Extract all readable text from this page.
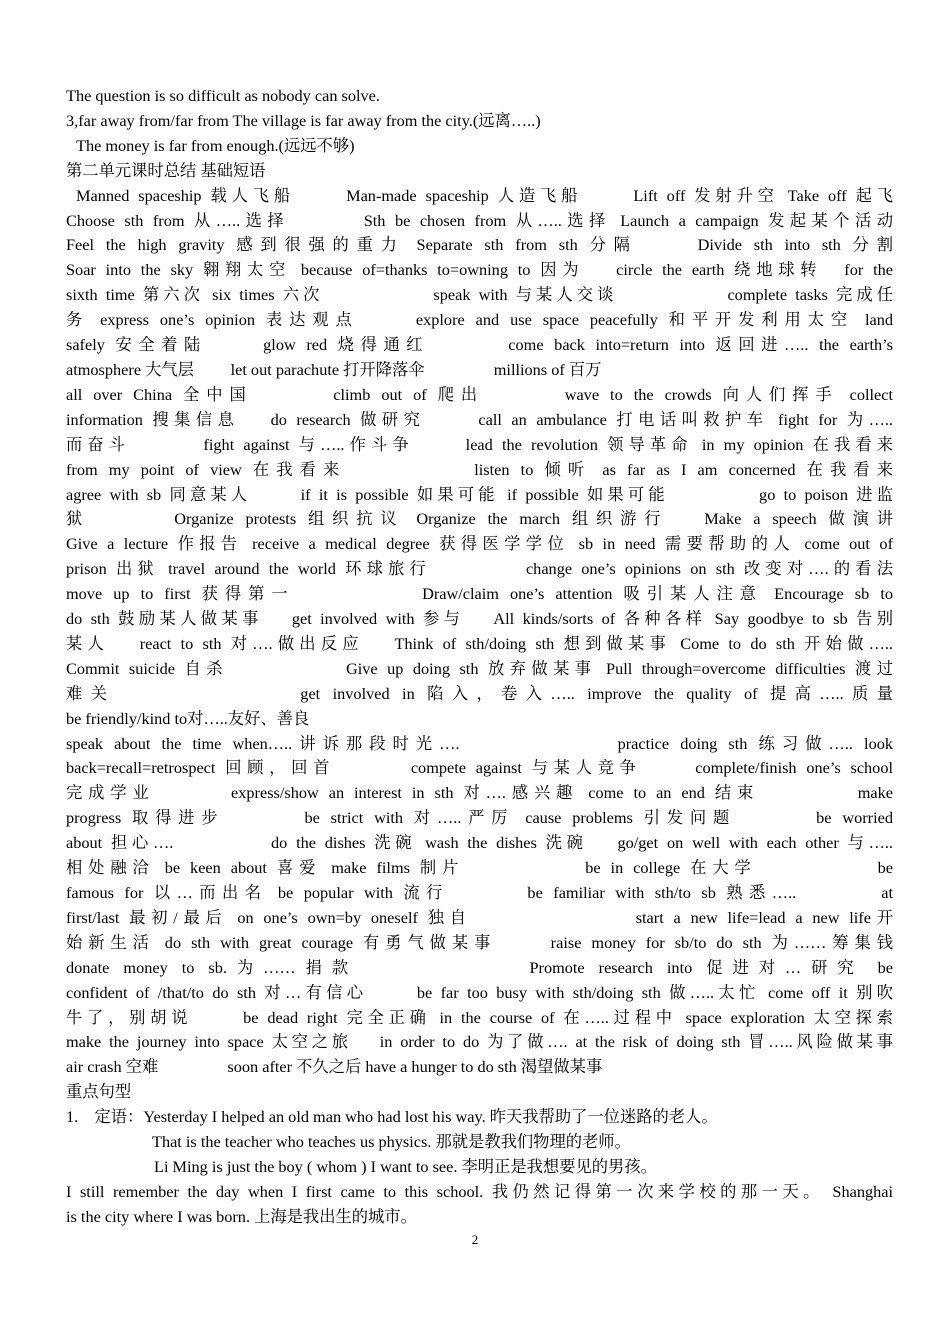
The question is so difficult as nobody can solve.

3,far away from/far from The village is far away from the city.(远离…..)

The money is far from enough.(远远不够)

第二单元课时总结 基础短语

Manned spaceship 载人飞船　　 Man-made spaceship 人造飞船　　 Lift off 发射升空 Take off 起飞

Choose sth from 从…..选择　　　 Sth be chosen from 从…..选择 Launch a campaign 发起某个活动

Feel the high gravity 感到很强的重力 Separate sth from sth 分隔　　 Divide sth into sth 分割

Soar into the sky 翱翔太空 because of=thanks to=owning to 因为　 circle the earth 绕地球转　for the

sixth time 第六次 six times 六次　　　　　 speak with 与某人交谈　　　　　 complete tasks 完成任

务 express one’s opinion 表达观点　　 explore and use space peacefully 和平开发利用太空 land

safely 安全着陆　　 glow red 烧得通红　　　 come back into=return into 返回进….. the earth’s

atmosphere 大气层　　 let out parachute 打开降落伞　　　　 millions of 百万

all over China 全中国　　　 climb out of 爬出　　　 wave to the crowds 向人们挥手 collect

information 搜集信息　 do research 做研究　　 call an ambulance 打电话叫救护车 fight for 为…..

而奋斗　　　 fight against 与…..作斗争　　 lead the revolution 领导革命 in my opinion 在我看来

from my point of view 在我看来　　　　　 listen to 倾听 as far as I am concerned 在我看来

agree with sb 同意某人　　 if it is possible 如果可能 if possible 如果可能　　　　 go to poison 进监

狱　　　 Organize protests 组织抗议 Organize the march 组织游行　 Make a speech 做演讲

Give a lecture 作报告 receive a medical degree 获得医学学位 sb in need 需要帮助的人 come out of

prison 出狱 travel around the world 环球旅行　　　　 change one’s opinions on sth 改变对….的看法

move up to first 获得第一　　　　　 Draw/claim one’s attention 吸引某人注意 Encourage sb to

do sth 鼓励某人做某事　 get involved with 参与　 All kinds/sorts of 各种各样 Say goodbye to sb 告别

某人　 react to sth 对….做出反应　 Think of sth/doing sth 想到做某事 Come to do sth 开始做…..

Commit suicide 自杀　　　　　 Give up doing sth 放弃做某事 Pull through=overcome difficulties 渡过

难关　　　　　　　 get involved in 陷入，卷入….. improve the quality of 提高…..质量

be friendly/kind to对…..友好、善良

speak about the time when…..讲诉那段时光….　　　　　　 practice doing sth 练习做….. look

back=recall=retrospect 回顾，回首　　　 compete against 与某人竞争　　 complete/finish one’s school

完成学业　　　 express/show an interest in sth 对….感兴趣 come to an end 结束　　　　 make

progress 取得进步　　　 be strict with 对…..严厉 cause problems 引发问题　　　 be worried

about 担心….　　　　 do the dishes 洗碗 wash the dishes 洗碗　 go/get on well with each other 与…..

相处融洽 be keen about 喜爱 make films 制片　　　　　 be in college 在大学　　　　　 be

famous for 以…而出名 be popular with 流行　　　 be familiar with sth/to sb 熟悉…..　　　 at

first/last 最初/最后 on one’s own=by oneself 独自　　　　　　　 start a new life=lead a new life开

始新生活 do sth with great courage 有勇气做某事　　 raise money for sb/to do sth 为……筹集钱

donate money to sb.为……捐款　　　　　　 Promote research into 促进对…研究 be

confident of /that/to do sth 对…有信心　　 be far too busy with sth/doing sth 做…..太忙 come off it 别吹

牛了，别胡说　　 be dead right 完全正确 in the course of 在…..过程中 space exploration 太空探索

make the journey into space 太空之旅　 in order to do 为了做…. at the risk of doing sth 冒…..风险做某事

air crash 空难　　　　 soon after 不久之后 have a hunger to do sth 渴望做某事

重点句型

1.　定语：Yesterday I helped an old man who had lost his way. 昨天我帮助了一位迷路的老人。

That is the teacher who teaches us physics. 那就是教我们物理的老师。

Li Ming is just the boy ( whom ) I want to see. 李明正是我想要见的男孩。

I still remember the day when I first came to this school. 我仍然记得第一次来学校的那一天。 Shanghai

is the city where I was born. 上海是我出生的城市。

2
